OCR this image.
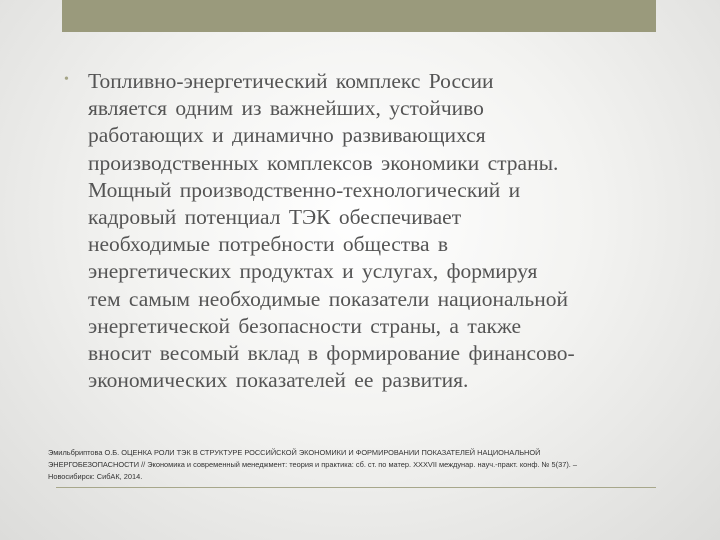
• Топливно-энергетический комплекс России
является одним из важнейших, устойчиво
работающих и динамично развивающихся
производственных комплексов экономики страны.
Мощный производственно-технологический и
кадровый потенциал ТЭК обеспечивает
необходимые потребности общества в
энергетических продуктах и услугах, формируя
тем самым необходимые показатели национальной
энергетической безопасности страны, а также
вносит весомый вклад в формирование финансово-
экономических показателей ее развития.

Эмильбриптова О.Б. ОЦЕНКА РОЛИ ТЭК В СТРУКТУРЕ РОССИЙСКОЙ ЭКОНОМИКИ И ФОРМИРОВАНИИ ПОКАЗАТЕЛЕЙ НАЦИОНАЛЬНОЙ
ЭНЕРГОБЕЗОПАСНОСТИ // Экономика и современный менеджмент: теория и практика: сб. ст. по матер. XXXVII междунар. науч.-практ. конф. № 5(37). –
Новосибирск: СибАК, 2014.
